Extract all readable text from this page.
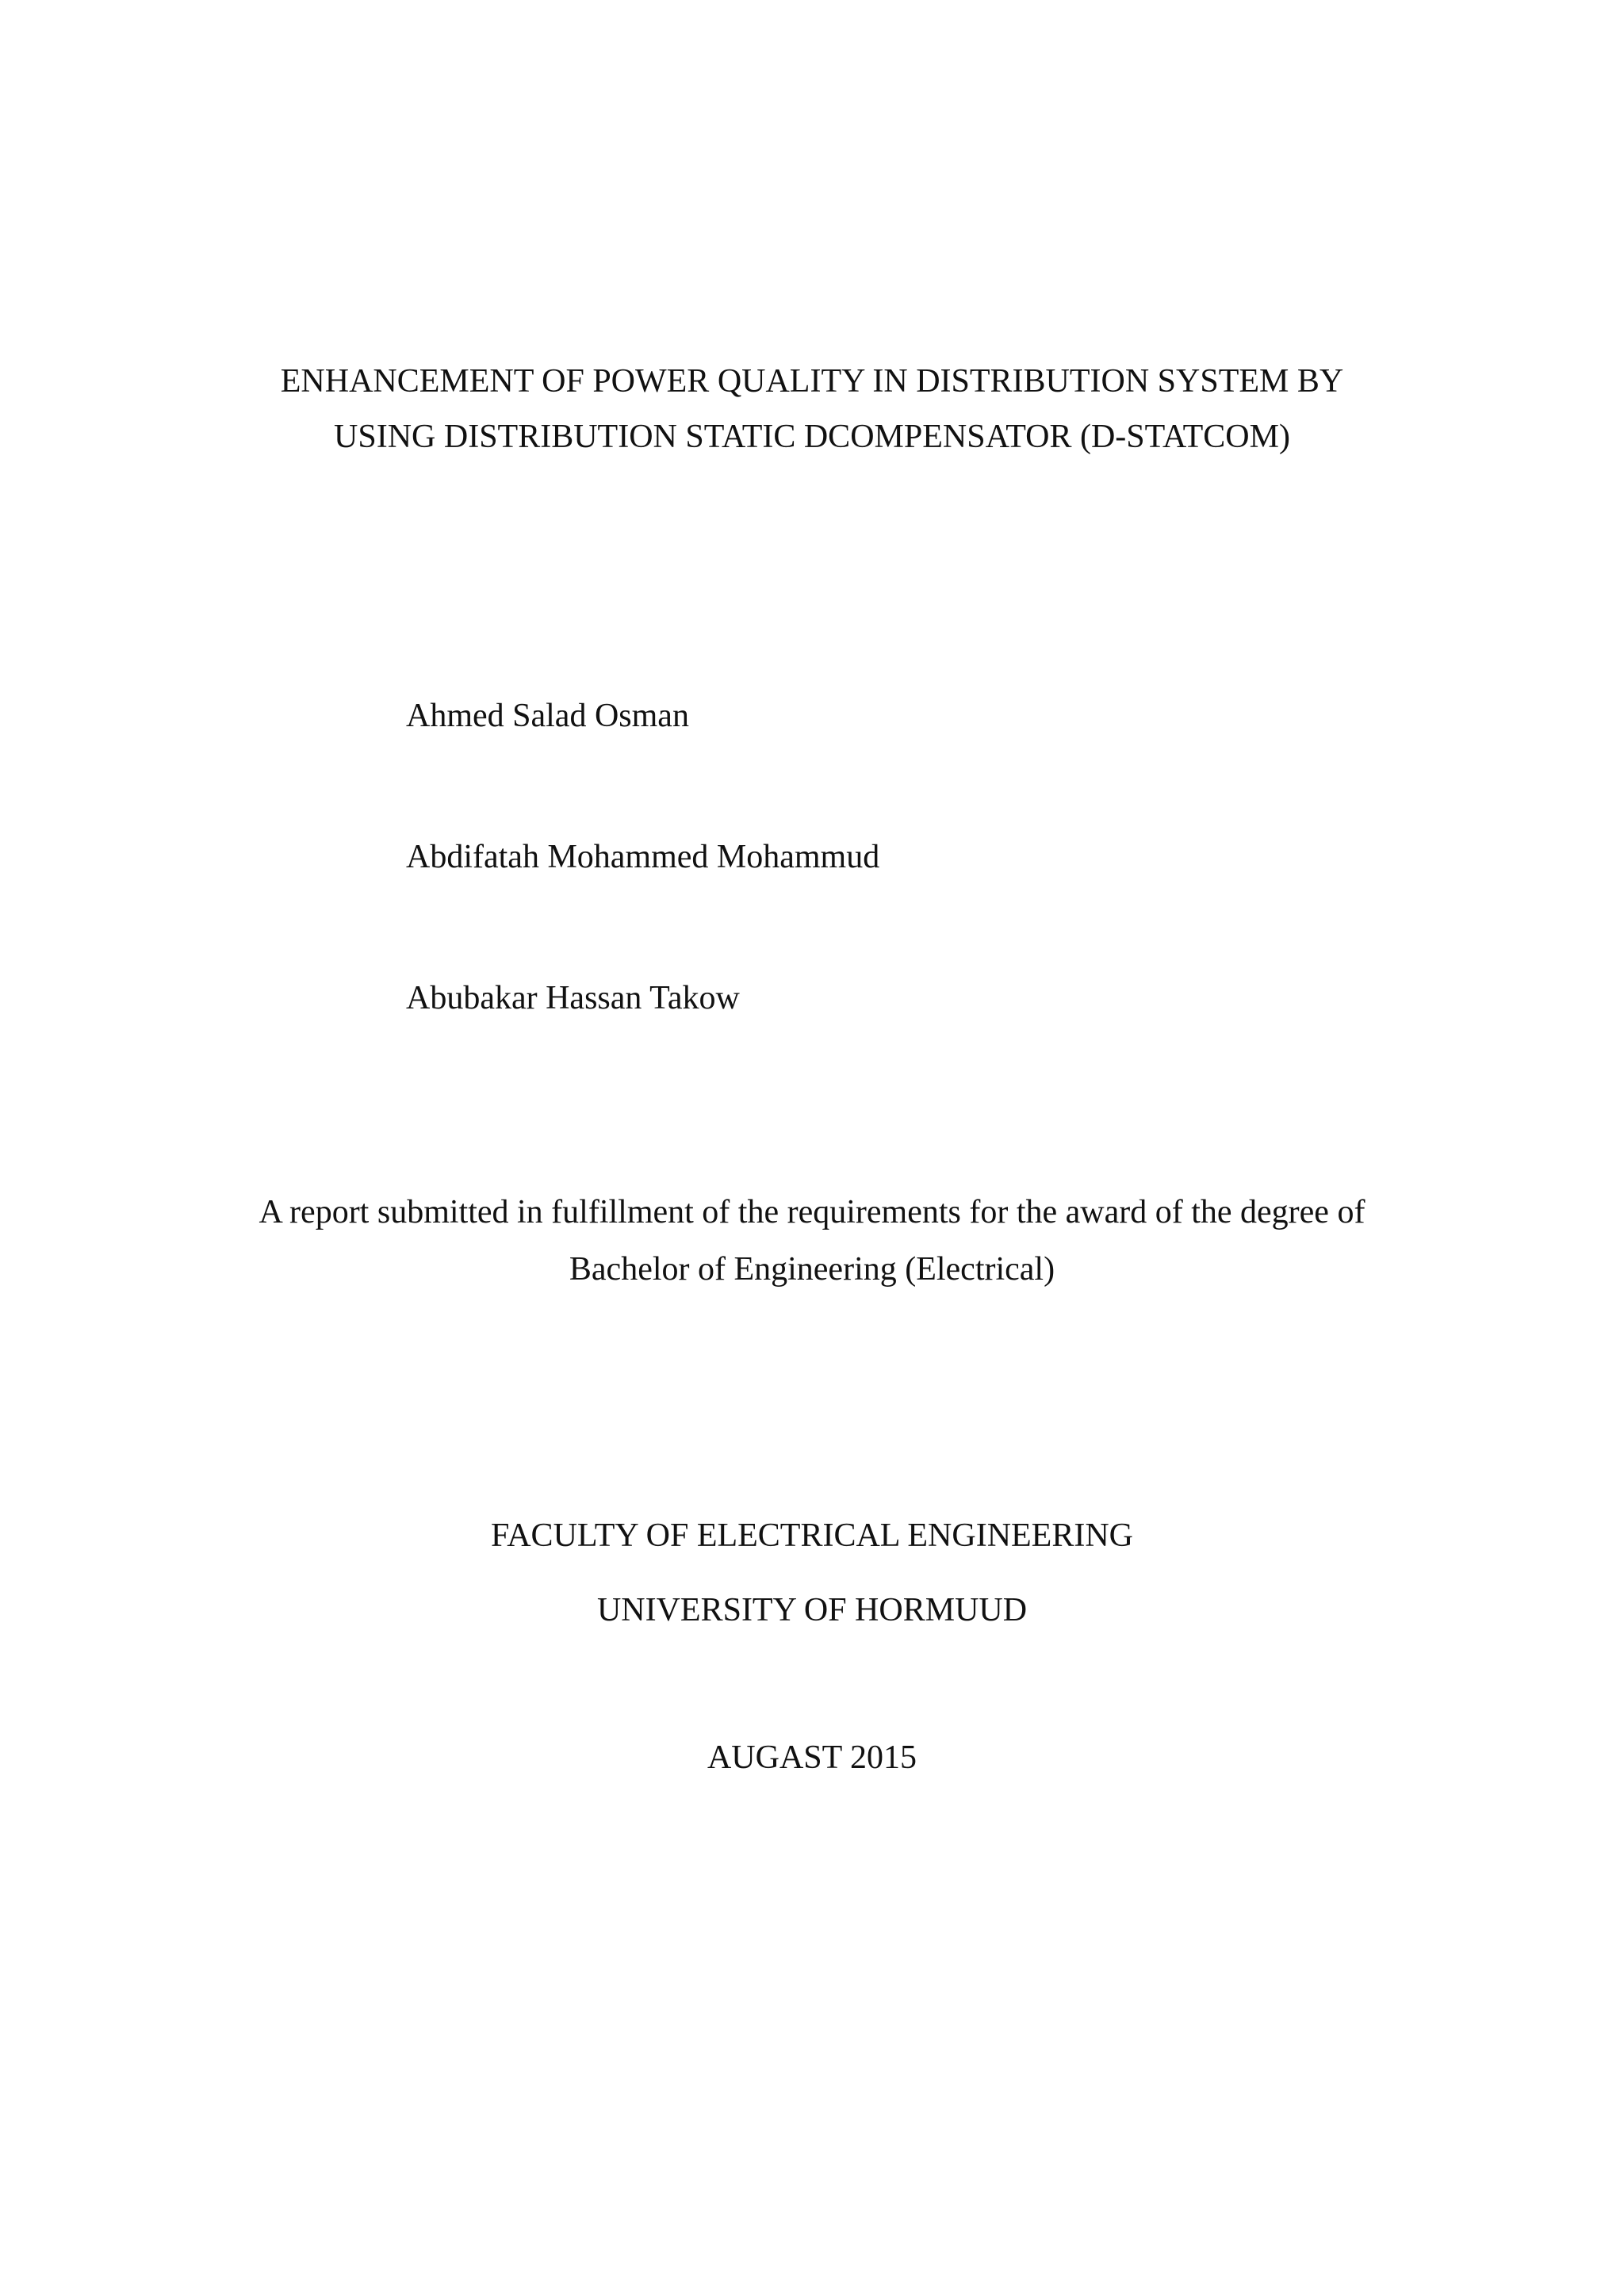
ENHANCEMENT OF POWER QUALITY IN DISTRIBUTION SYSTEM BY
USING DISTRIBUTION STATIC DCOMPENSATOR (D-STATCOM)

Ahmed Salad Osman

Abdifatah Mohammed Mohammud

Abubakar Hassan Takow

A report submitted in fulfillment of the requirements for the award of the degree of

Bachelor of Engineering (Electrical)

FACULTY OF ELECTRICAL ENGINEERING

UNIVERSITY OF HORMUUD

AUGAST 2015
